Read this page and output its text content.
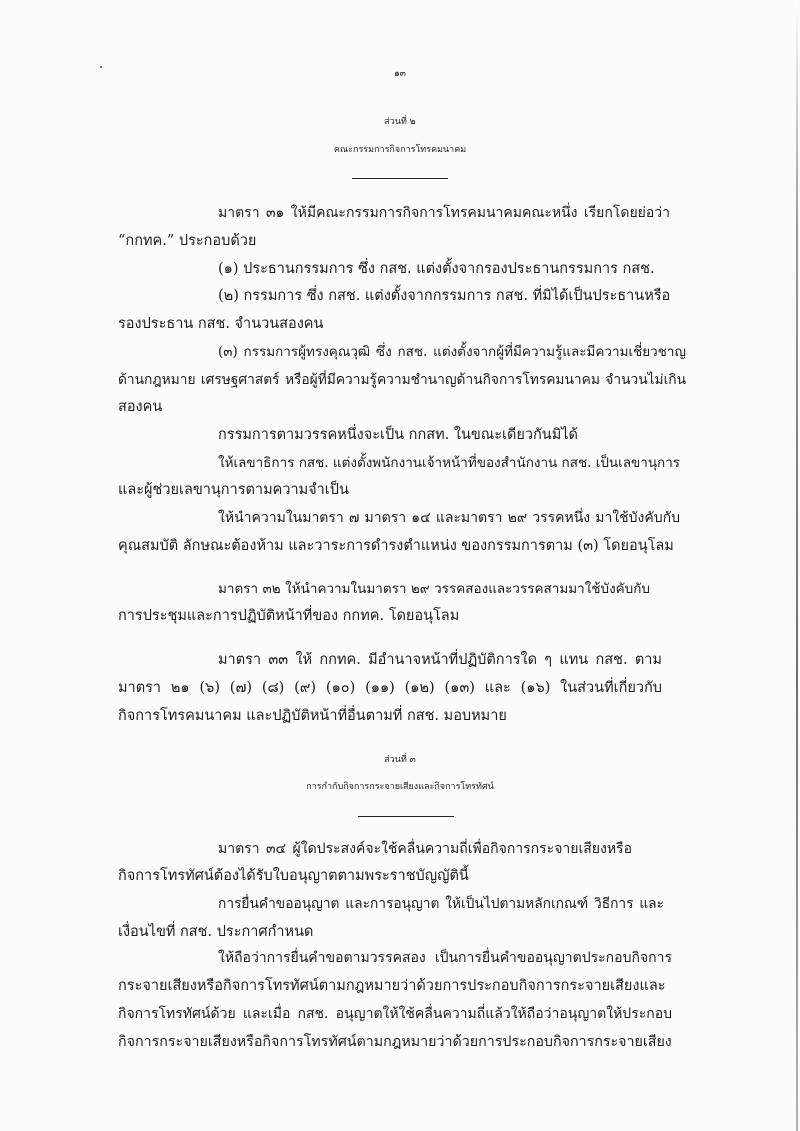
๑๓
ส่วนที่ ๒
คณะกรรมการกิจการโทรคมนาคม
มาตรา ๓๑ ให้มีคณะกรรมการกิจการโทรคมนาคมคณะหนึ่ง เรียกโดยย่อว่า
“กกทค.” ประกอบด้วย
(๑) ประธานกรรมการ ซึ่ง กสช. แต่งตั้งจากรองประธานกรรมการ กสช.
(๒) กรรมการ ซึ่ง กสช. แต่งตั้งจากกรรมการ กสช. ที่มิได้เป็นประธานหรือ
รองประธาน กสช. จำนวนสองคน
(๓) กรรมการผู้ทรงคุณวุฒิ ซึ่ง กสช. แต่งตั้งจากผู้ที่มีความรู้และมีความเชี่ยวชาญ
ด้านกฎหมาย เศรษฐศาสตร์ หรือผู้ที่มีความรู้ความชำนาญด้านกิจการโทรคมนาคม จำนวนไม่เกิน
สองคน
กรรมการตามวรรคหนึ่งจะเป็น กกสท. ในขณะเดียวกันมิได้
ให้เลขาธิการ กสช. แต่งตั้งพนักงานเจ้าหน้าที่ของสำนักงาน กสช. เป็นเลขานุการ
และผู้ช่วยเลขานุการตามความจำเป็น
ให้นำความในมาตรา ๗ มาตรา ๑๔ และมาตรา ๒๙ วรรคหนึ่ง มาใช้บังคับกับ
คุณสมบัติ ลักษณะต้องห้าม และวาระการดำรงตำแหน่ง ของกรรมการตาม (๓) โดยอนุโลม
มาตรา ๓๒ ให้นำความในมาตรา ๒๙ วรรคสองและวรรคสามมาใช้บังคับกับ
การประชุมและการปฏิบัติหน้าที่ของ กกทค. โดยอนุโลม
มาตรา ๓๓ ให้ กกทค. มีอำนาจหน้าที่ปฏิบัติการใด ๆ แทน กสช. ตาม
มาตรา ๒๑ (๖) (๗) (๘) (๙) (๑๐) (๑๑) (๑๒) (๑๓) และ (๑๖) ในส่วนที่เกี่ยวกับ
กิจการโทรคมนาคม และปฏิบัติหน้าที่อื่นตามที่ กสช. มอบหมาย
ส่วนที่ ๓
การกำกับกิจการกระจายเสียงและกิจการโทรทัศน์
มาตรา ๓๔ ผู้ใดประสงค์จะใช้คลื่นความถี่เพื่อกิจการกระจายเสียงหรือ
กิจการโทรทัศน์ต้องได้รับใบอนุญาตตามพระราชบัญญัตินี้
การยื่นคำขออนุญาต และการอนุญาต ให้เป็นไปตามหลักเกณฑ์ วิธีการ และ
เงื่อนไขที่ กสช. ประกาศกำหนด
ให้ถือว่าการยื่นคำขอตามวรรคสอง เป็นการยื่นคำขออนุญาตประกอบกิจการ
กระจายเสียงหรือกิจการโทรทัศน์ตามกฎหมายว่าด้วยการประกอบกิจการกระจายเสียงและ
กิจการโทรทัศน์ด้วย และเมื่อ กสช. อนุญาตให้ใช้คลื่นความถี่แล้วให้ถือว่าอนุญาตให้ประกอบ
กิจการกระจายเสียงหรือกิจการโทรทัศน์ตามกฎหมายว่าด้วยการประกอบกิจการกระจายเสียง
